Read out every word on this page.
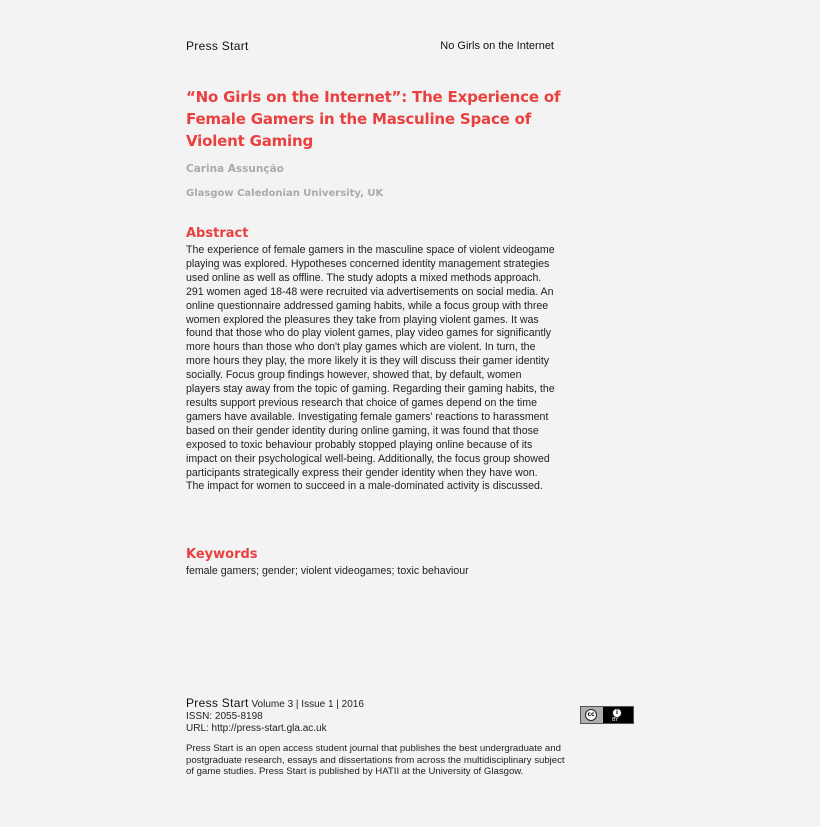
Press Start	No Girls on the Internet
“No Girls on the Internet”: The Experience of Female Gamers in the Masculine Space of Violent Gaming
Carina Assunção
Glasgow Caledonian University, UK
Abstract
The experience of female gamers in the masculine space of violent videogame playing was explored. Hypotheses concerned identity management strategies used online as well as offline. The study adopts a mixed methods approach. 291 women aged 18-48 were recruited via advertisements on social media. An online questionnaire addressed gaming habits, while a focus group with three women explored the pleasures they take from playing violent games. It was found that those who do play violent games, play video games for significantly more hours than those who don't play games which are violent. In turn, the more hours they play, the more likely it is they will discuss their gamer identity socially. Focus group findings however, showed that, by default, women players stay away from the topic of gaming. Regarding their gaming habits, the results support previous research that choice of games depend on the time gamers have available. Investigating female gamers' reactions to harassment based on their gender identity during online gaming, it was found that those exposed to toxic behaviour probably stopped playing online because of its impact on their psychological well-being. Additionally, the focus group showed participants strategically express their gender identity when they have won. The impact for women to succeed in a male-dominated activity is discussed.
Keywords
female gamers; gender; violent videogames; toxic behaviour
Press Start Volume 3 | Issue 1 | 2016
ISSN: 2055-8198
URL: http://press-start.gla.ac.uk
Press Start is an open access student journal that publishes the best undergraduate and postgraduate research, essays and dissertations from across the multidisciplinary subject of game studies. Press Start is published by HATII at the University of Glasgow.
cc	i
BY
